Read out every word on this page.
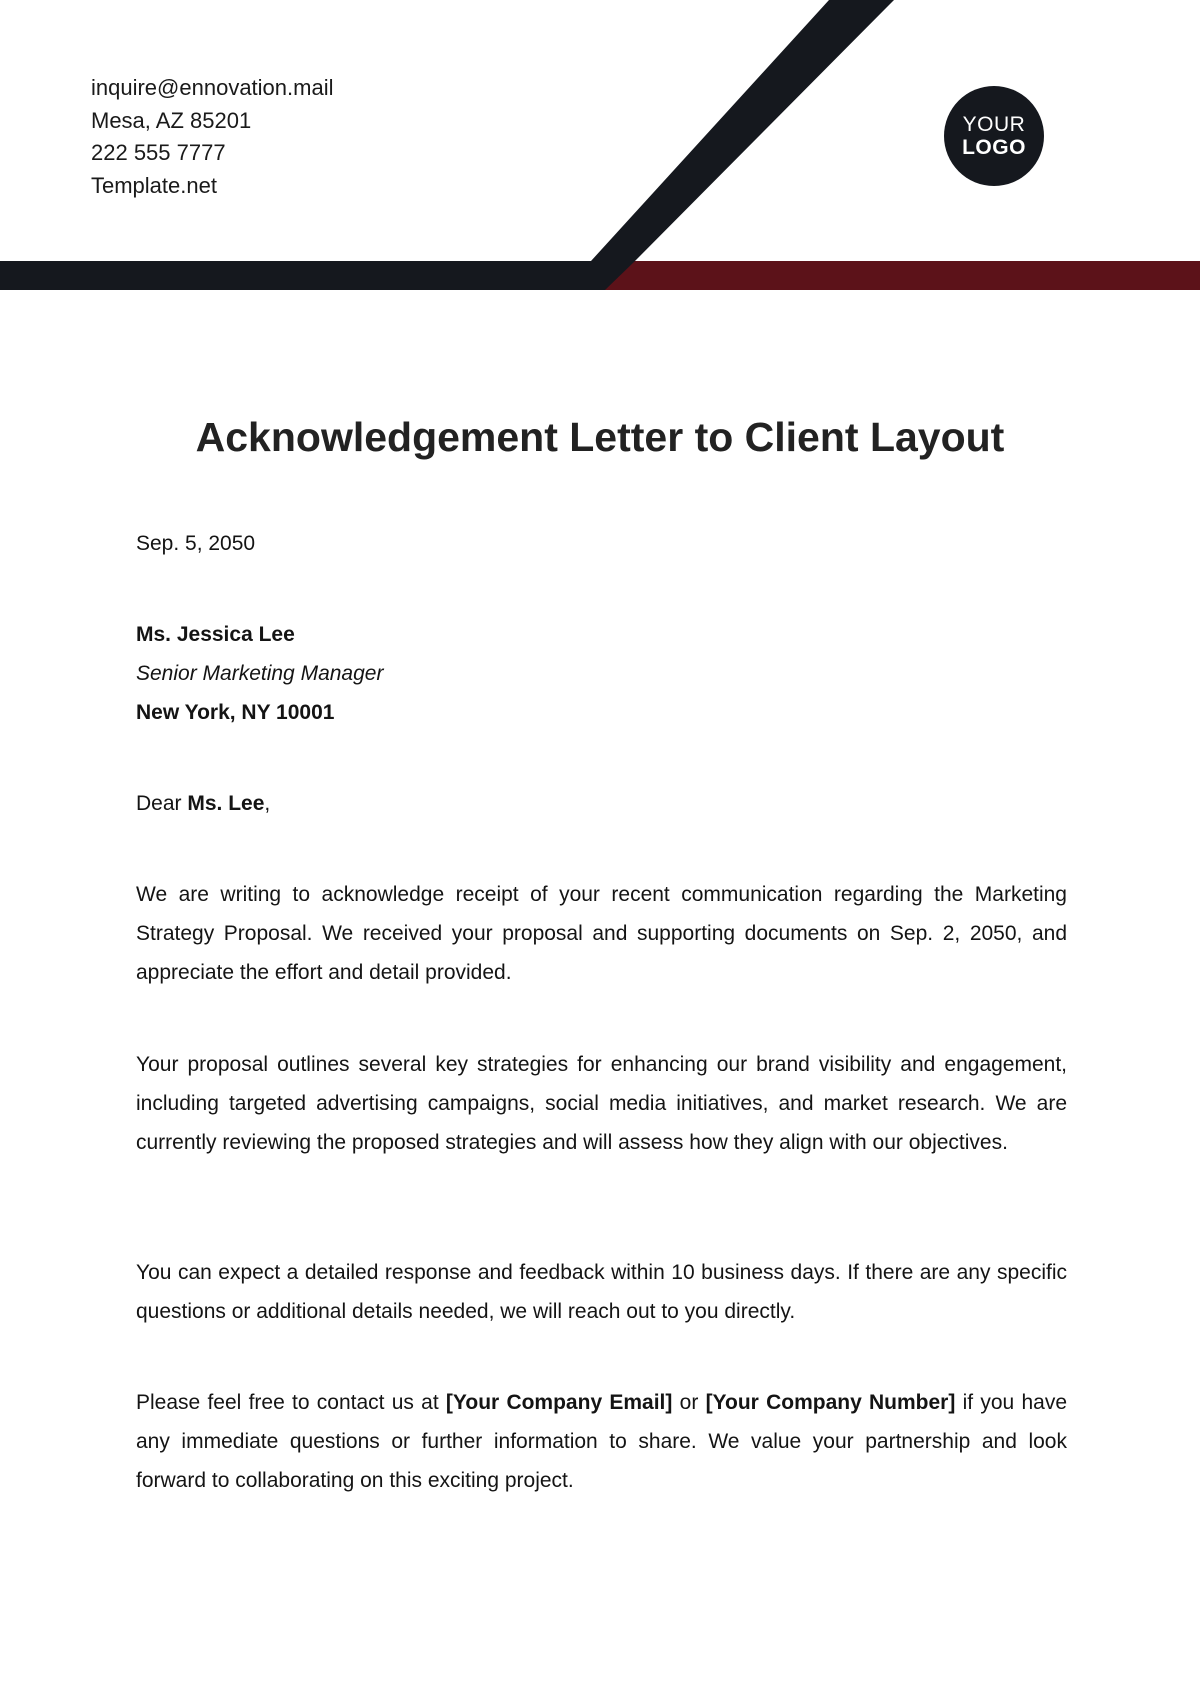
inquire@ennovation.mail
Mesa, AZ 85201
222 555 7777
Template.net
YOUR
LOGO
Acknowledgement Letter to Client Layout
Sep. 5, 2050
Ms. Jessica Lee
Senior Marketing Manager
New York, NY 10001
Dear Ms. Lee,
We are writing to acknowledge receipt of your recent communication regarding the Marketing Strategy Proposal. We received your proposal and supporting documents on Sep. 2, 2050, and appreciate the effort and detail provided.
Your proposal outlines several key strategies for enhancing our brand visibility and engagement, including targeted advertising campaigns, social media initiatives, and market research. We are currently reviewing the proposed strategies and will assess how they align with our objectives.
You can expect a detailed response and feedback within 10 business days. If there are any specific questions or additional details needed, we will reach out to you directly.
Please feel free to contact us at [Your Company Email] or [Your Company Number] if you have any immediate questions or further information to share. We value your partnership and look forward to collaborating on this exciting project.
